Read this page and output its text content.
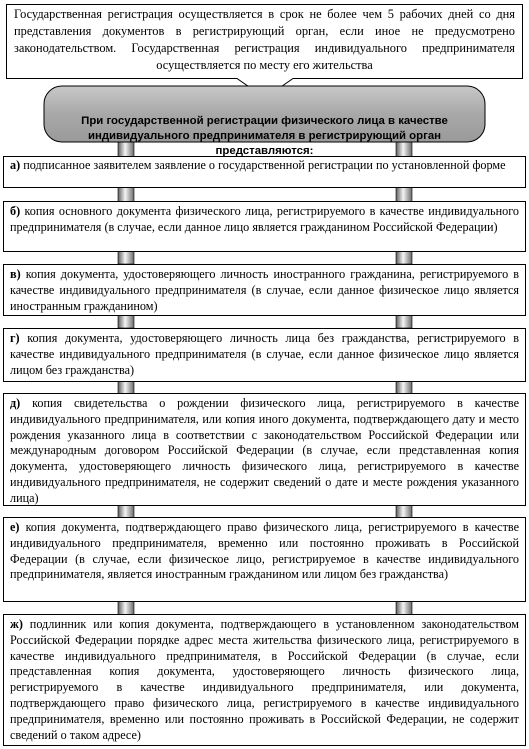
Государственная регистрация осуществляется в срок не более чем 5 рабочих дней со дня представления документов в регистрирующий орган, если иное не предусмотрено законодательством. Государственная регистрация индивидуального предпринимателя осуществляется по месту его жительства
При государственной регистрации физического лица в качестве индивидуального предпринимателя в регистрирующий орган представляются:
а) подписанное заявителем заявление о государственной регистрации по установленной форме
б) копия основного документа физического лица, регистрируемого в качестве индивидуального предпринимателя (в случае, если данное лицо является гражданином Российской Федерации)
в) копия документа, удостоверяющего личность иностранного гражданина, регистрируемого в качестве индивидуального предпринимателя (в случае, если данное физическое лицо является иностранным гражданином)
г) копия документа, удостоверяющего личность лица без гражданства, регистрируемого в качестве индивидуального предпринимателя (в случае, если данное физическое лицо является лицом без гражданства)
д) копия свидетельства о рождении физического лица, регистрируемого в качестве индивидуального предпринимателя, или копия иного документа, подтверждающего дату и место рождения указанного лица в соответствии с законодательством Российской Федерации или международным договором Российской Федерации (в случае, если представленная копия документа, удостоверяющего личность физического лица, регистрируемого в качестве индивидуального предпринимателя, не содержит сведений о дате и месте рождения указанного лица)
е) копия документа, подтверждающего право физического лица, регистрируемого в качестве индивидуального предпринимателя, временно или постоянно проживать в Российской Федерации (в случае, если физическое лицо, регистрируемое в качестве индивидуального предпринимателя, является иностранным гражданином или лицом без гражданства)
ж) подлинник или копия документа, подтверждающего в установленном законодательством Российской Федерации порядке адрес места жительства физического лица, регистрируемого в качестве индивидуального предпринимателя, в Российской Федерации (в случае, если представленная копия документа, удостоверяющего личность физического лица, регистрируемого в качестве индивидуального предпринимателя, или документа, подтверждающего право физического лица, регистрируемого в качестве индивидуального предпринимателя, временно или постоянно проживать в Российской Федерации, не содержит сведений о таком адресе)
